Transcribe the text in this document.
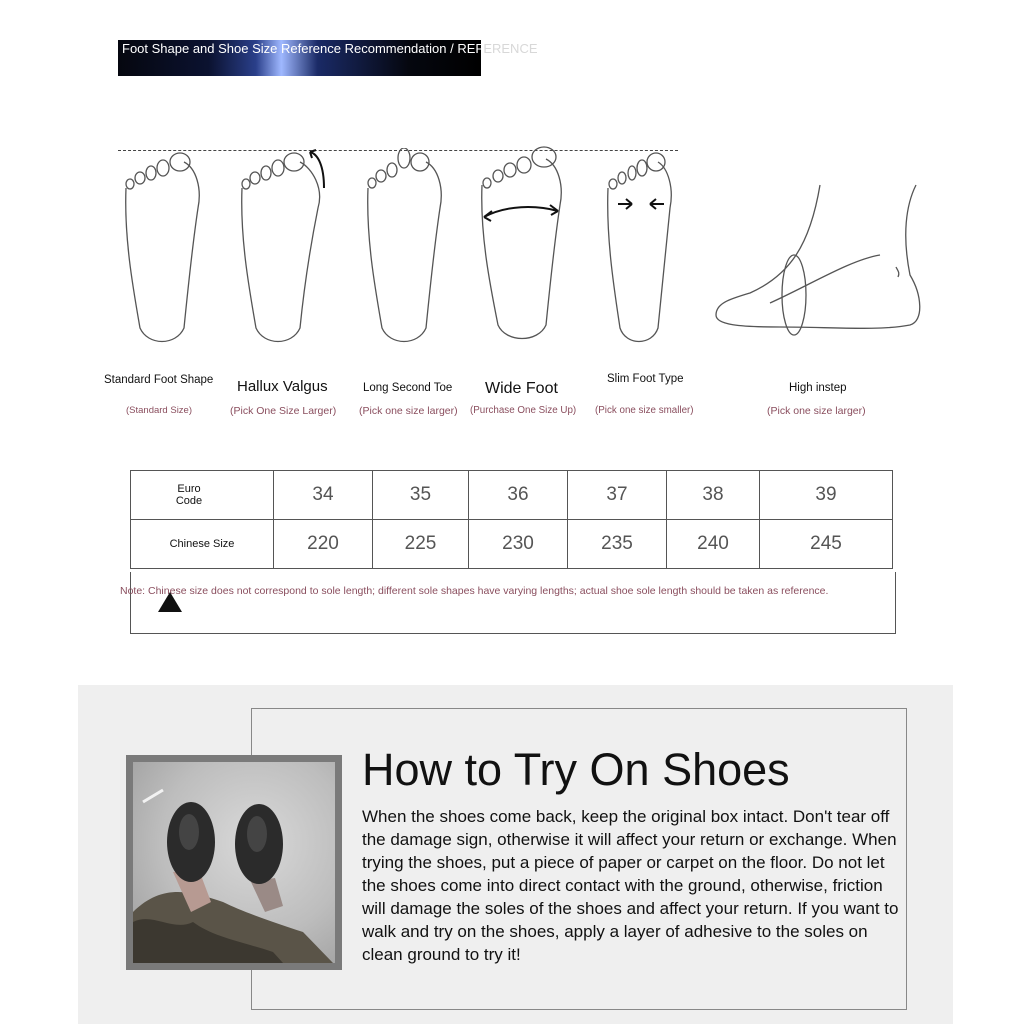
Foot Shape and Shoe Size Reference Recommendation / REFERENCE
Standard Foot Shape
(Standard Size)
Hallux Valgus
(Pick One Size Larger)
Long Second Toe
(Pick one size larger)
Wide Foot
(Purchase One Size Up)
Slim Foot Type
(Pick one size smaller)
High instep
(Pick one size larger)
Euro Code	34	35	36	37	38	39
Chinese Size	220	225	230	235	240	245
Note: Chinese size does not correspond to sole length; different sole shapes have varying lengths; actual shoe sole length should be taken as reference.
How to Try On Shoes
When the shoes come back, keep the original box intact. Don't tear off the damage sign, otherwise it will affect your return or exchange. When trying the shoes, put a piece of paper or carpet on the floor. Do not let the shoes come into direct contact with the ground, otherwise, friction will damage the soles of the shoes and affect your return. If you want to walk and try on the shoes, apply a layer of adhesive to the soles on clean ground to try it!
